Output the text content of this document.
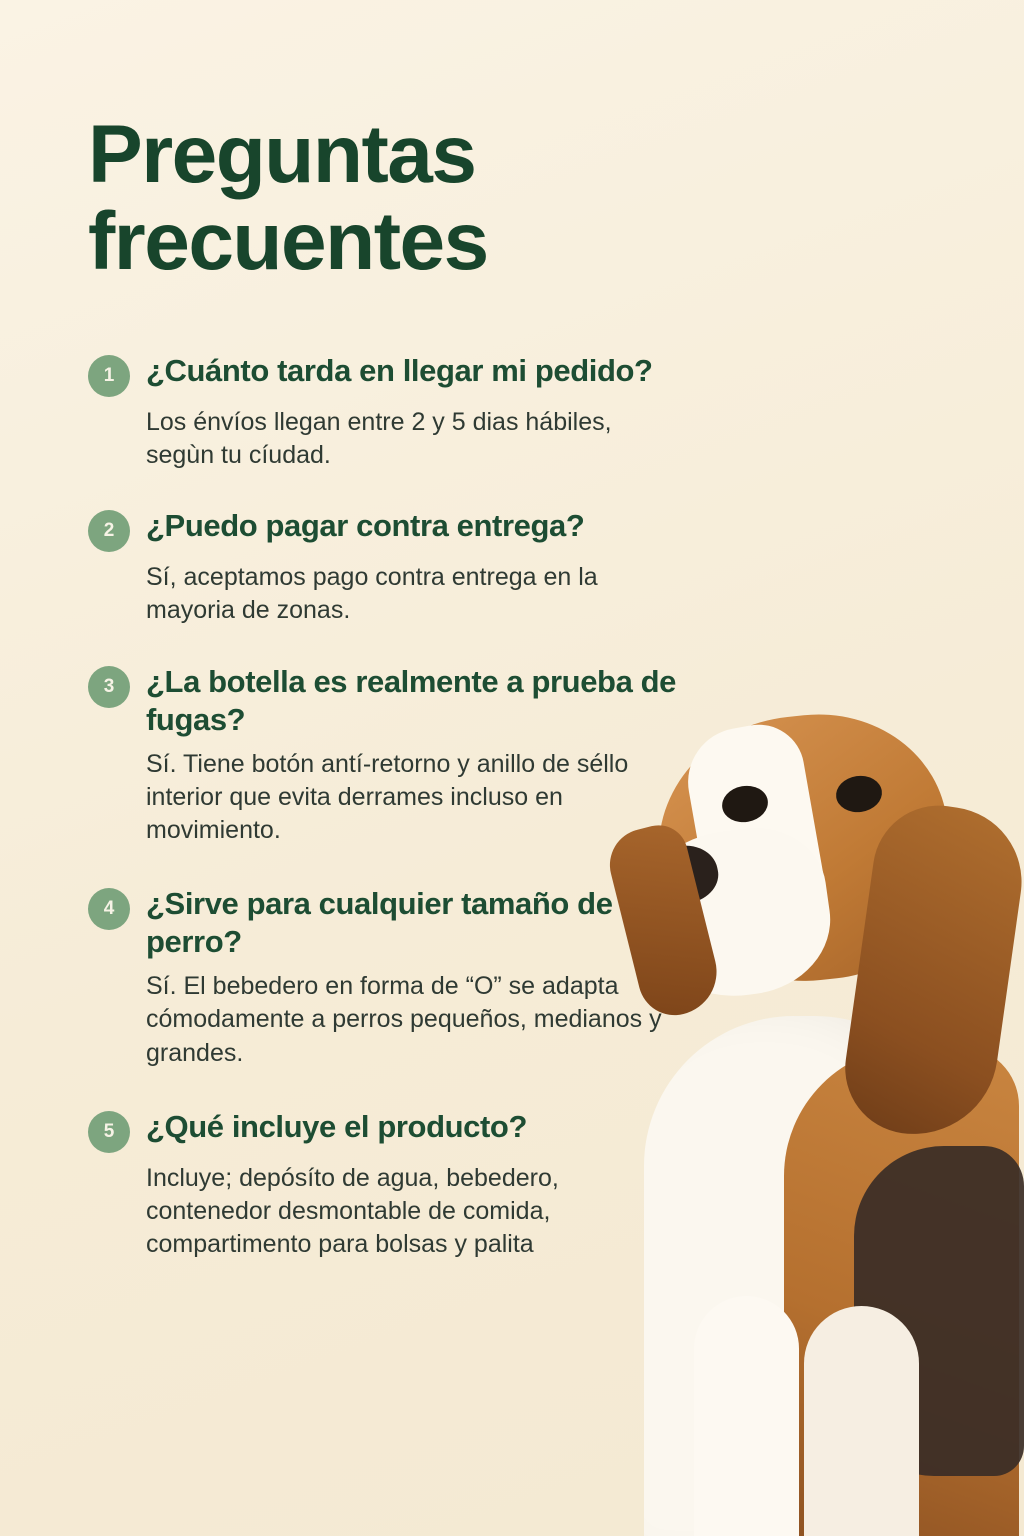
Preguntas
frecuentes
1	¿Cuánto tarda en llegar mi pedido?
Los énvíos llegan entre 2 y 5 dias hábiles, segùn tu cíudad.
2	¿Puedo pagar contra entrega?
Sí, aceptamos pago contra entrega en la mayoria de zonas.
3	¿La botella es realmente a prueba de fugas?
Sí. Tiene botón antí-retorno y anillo de séllo interior que evita derrames incluso en movimiento.
4	¿Sirve para cualquier tamaño de perro?
Sí. El bebedero en forma de “O” se adapta cómodamente a perros pequeños, medianos y grandes.
5	¿Qué incluye el producto?
Incluye; depósíto de agua, bebedero, contenedor desmontable de comida, compartimento para bolsas y palita
